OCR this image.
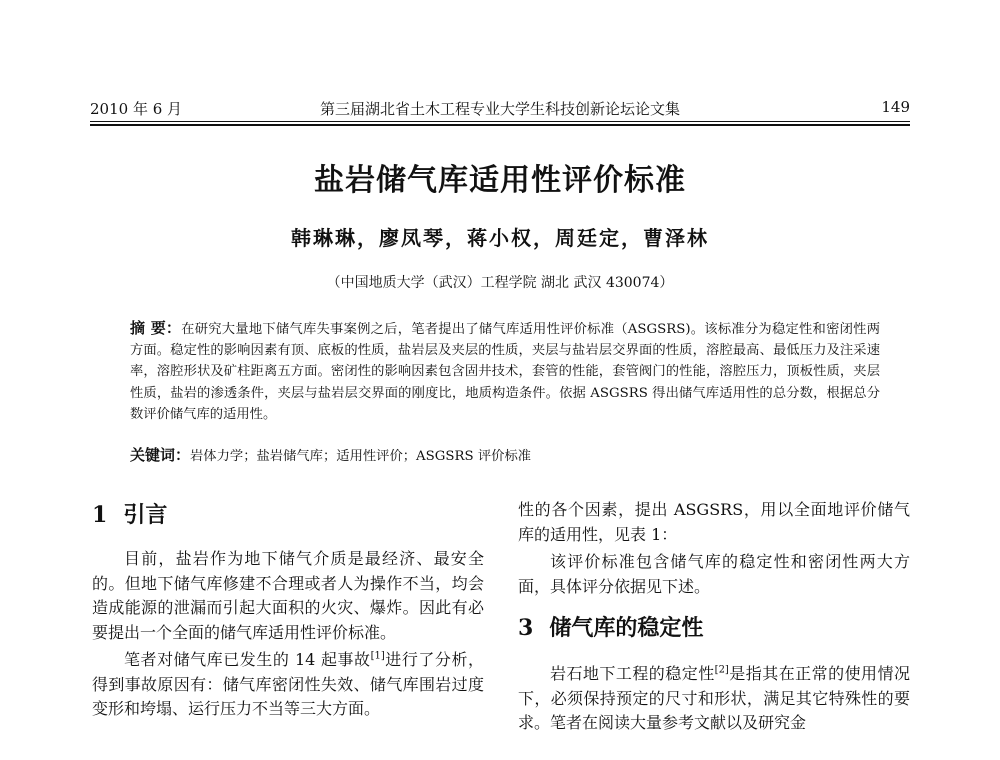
2010 年 6 月	第三届湖北省土木工程专业大学生科技创新论坛论文集	149
盐岩储气库适用性评价标准
韩琳琳，廖凤琴，蒋小权，周廷定，曹泽林
（中国地质大学（武汉）工程学院 湖北 武汉 430074）
摘 要：在研究大量地下储气库失事案例之后，笔者提出了储气库适用性评价标准（ASGSRS)。该标准分为稳定性和密闭性两方面。稳定性的影响因素有顶、底板的性质，盐岩层及夹层的性质，夹层与盐岩层交界面的性质，溶腔最高、最低压力及注采速率，溶腔形状及矿柱距离五方面。密闭性的影响因素包含固井技术，套管的性能，套管阀门的性能，溶腔压力，顶板性质，夹层性质，盐岩的渗透条件，夹层与盐岩层交界面的刚度比，地质构造条件。依据 ASGSRS 得出储气库适用性的总分数，根据总分数评价储气库的适用性。
关键词：岩体力学；盐岩储气库；适用性评价；ASGSRS 评价标准
1 引言

目前，盐岩作为地下储气介质是最经济、最安全的。但地下储气库修建不合理或者人为操作不当，均会造成能源的泄漏而引起大面积的火灾、爆炸。因此有必要提出一个全面的储气库适用性评价标准。

笔者对储气库已发生的 14 起事故[1]进行了分析，得到事故原因有：储气库密闭性失效、储气库围岩过度变形和垮塌、运行压力不当等三大方面。

性的各个因素，提出 ASGSRS，用以全面地评价储气库的适用性，见表 1：

该评价标准包含储气库的稳定性和密闭性两大方面，具体评分依据见下述。

3 储气库的稳定性

岩石地下工程的稳定性[2]是指其在正常的使用情况下，必须保持预定的尺寸和形状，满足其它特殊性的要求。笔者在阅读大量参考文献以及研究金
